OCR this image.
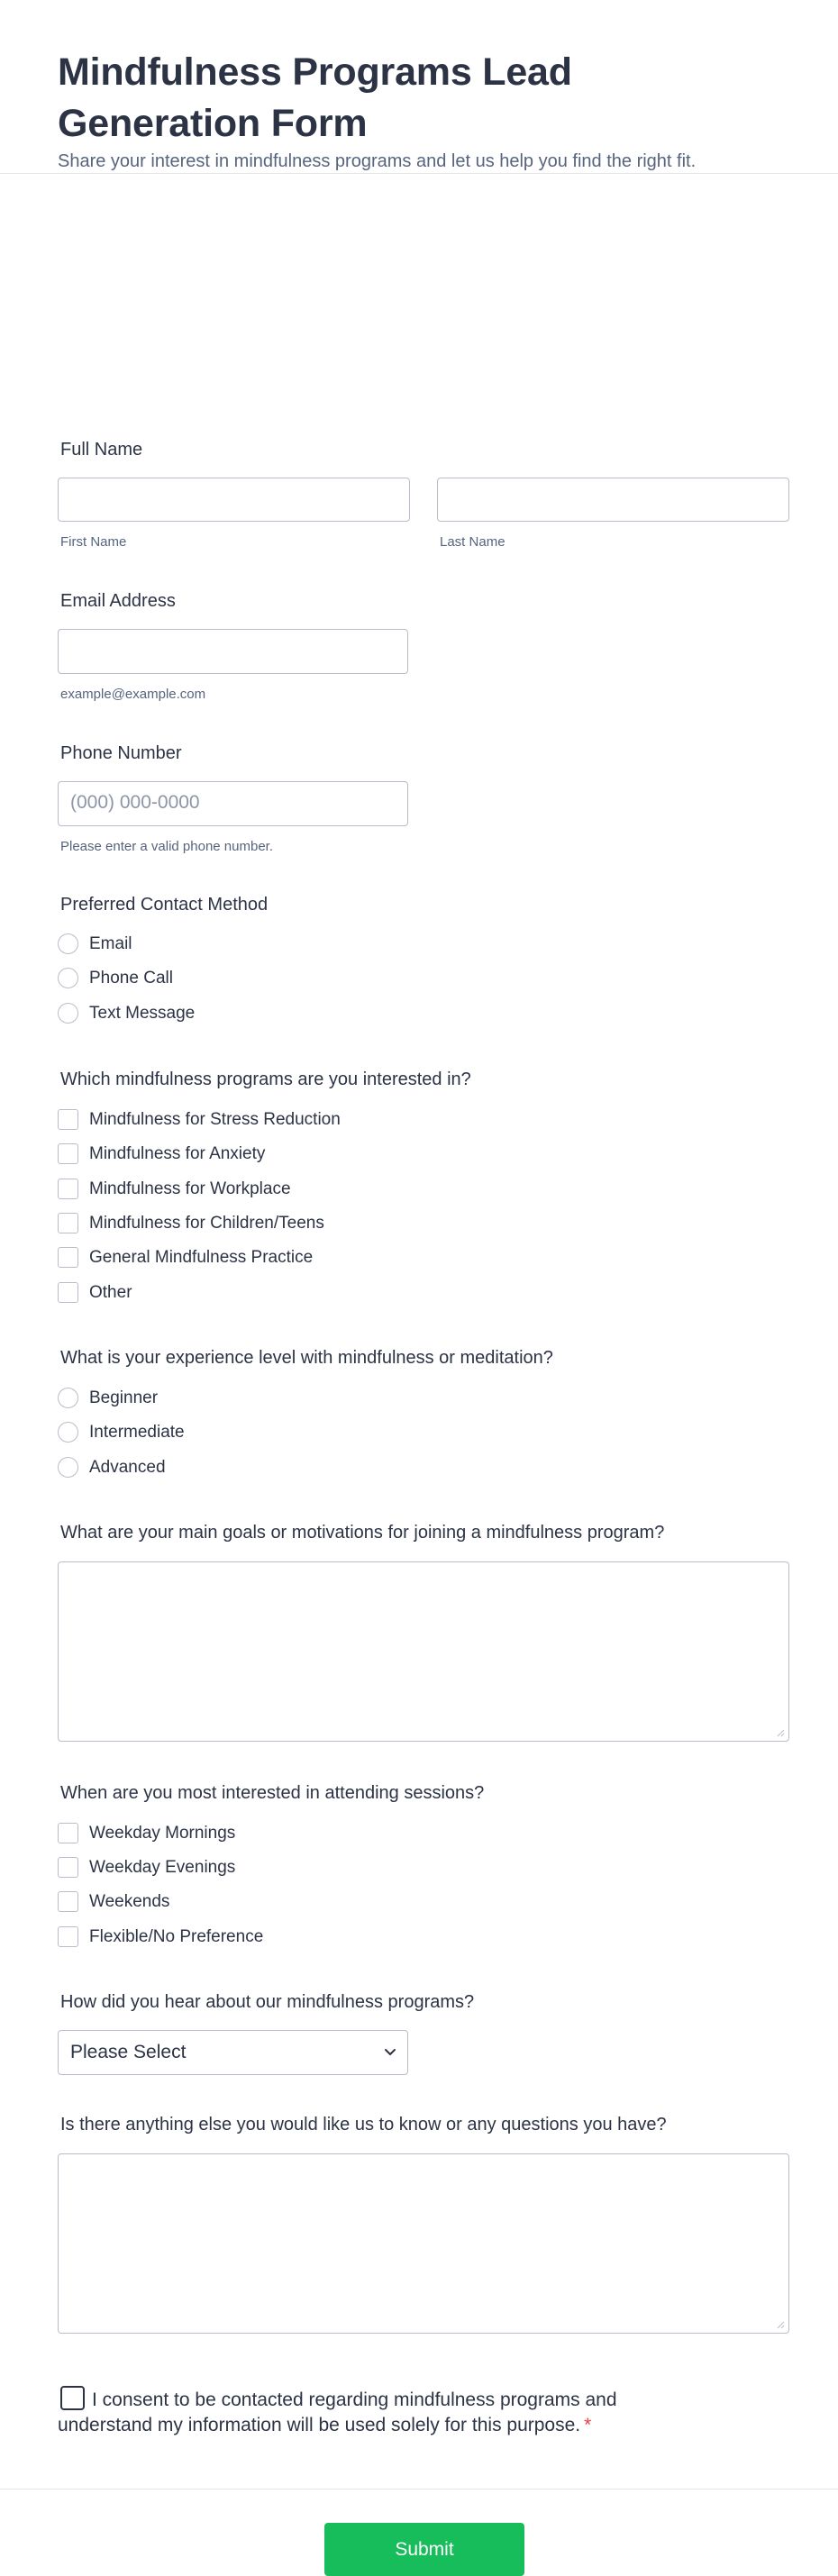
Mindfulness Programs Lead Generation Form
Share your interest in mindfulness programs and let us help you find the right fit.
Full Name
First Name	Last Name
Email Address
example@example.com
Phone Number
(000) 000-0000
Please enter a valid phone number.
Preferred Contact Method
Email
Phone Call
Text Message
Which mindfulness programs are you interested in?
Mindfulness for Stress Reduction
Mindfulness for Anxiety
Mindfulness for Workplace
Mindfulness for Children/Teens
General Mindfulness Practice
Other
What is your experience level with mindfulness or meditation?
Beginner
Intermediate
Advanced
What are your main goals or motivations for joining a mindfulness program?
When are you most interested in attending sessions?
Weekday Mornings
Weekday Evenings
Weekends
Flexible/No Preference
How did you hear about our mindfulness programs?
Please Select
Is there anything else you would like us to know or any questions you have?
I consent to be contacted regarding mindfulness programs and understand my information will be used solely for this purpose. *
Submit
